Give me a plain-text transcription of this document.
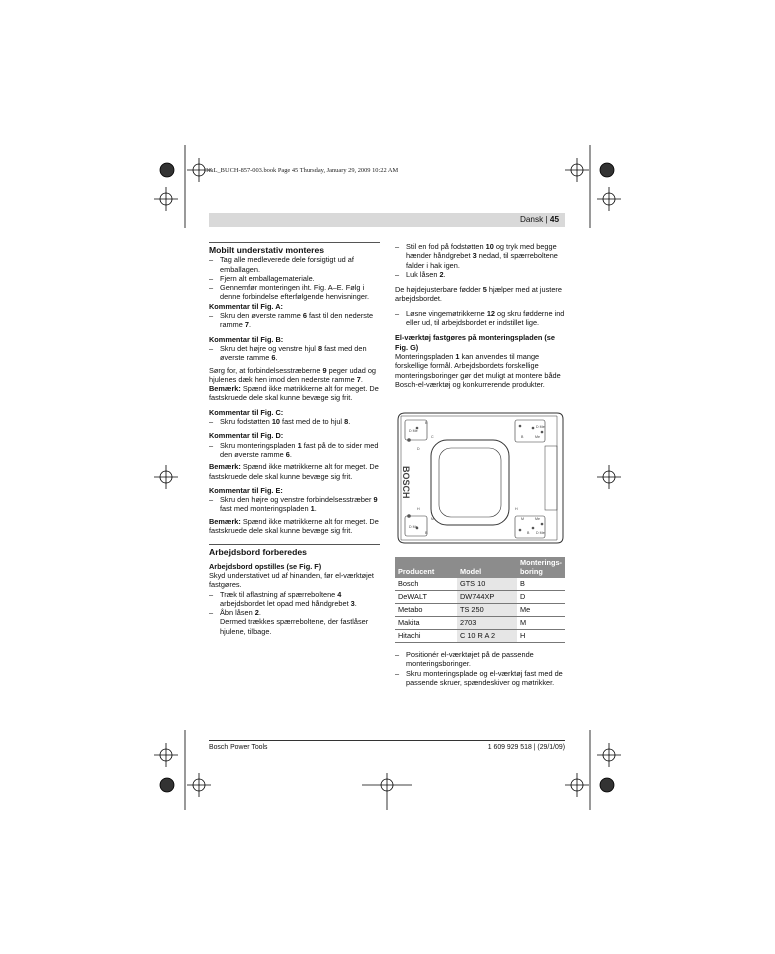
O&L_BUCH-857-003.book Page 45 Thursday, January 29, 2009 10:22 AM
Dansk | 45

Mobilt understativ monteres

– Tag alle medleverede dele forsigtigt ud af emballagen.

– Fjern alt emballagemateriale.

– Gennemfør monteringen iht. Fig. A–E. Følg i denne forbindelse efterfølgende henvisninger.

Kommentar til Fig. A:

– Skru den øverste ramme 6 fast til den nederste ramme 7.

Kommentar til Fig. B:

– Skru det højre og venstre hjul 8 fast med den øverste ramme 6.

Sørg for, at forbindelsesstræberne 9 peger udad og hjulenes dæk hen imod den nederste ramme 7.

Bemærk: Spænd ikke møtrikkerne alt for meget. De fastskruede dele skal kunne bevæge sig frit.

Kommentar til Fig. C:

– Skru fodstøtten 10 fast med de to hjul 8.

Kommentar til Fig. D:

– Skru monteringspladen 1 fast på de to sider med den øverste ramme 6.

Bemærk: Spænd ikke møtrikkerne alt for meget. De fastskruede dele skal kunne bevæge sig frit.

Kommentar til Fig. E:

– Skru den højre og venstre forbindelsesstræber 9 fast med monteringspladen 1.

Bemærk: Spænd ikke møtrikkerne alt for meget. De fastskruede dele skal kunne bevæge sig frit.

Arbejdsbord forberedes

Arbejdsbord opstilles (se Fig. F)

Skyd understativet ud af hinanden, før el-værktøjet fastgøres.

– Træk til aflastning af spærreboltene 4 arbejdsbordet let opad med håndgrebet 3.

– Åbn låsen 2.

Dermed trækkes spærreboltene, der fastlåser hjulene, tilbage.

– Stil en fod på fodstøtten 10 og tryk med begge hænder håndgrebet 3 nedad, til spærreboltene falder i hak igen.

– Luk låsen 2.

De højdejusterbare fødder 5 hjælper med at justere arbejdsbordet.

– Løsne vingemøtrikkerne 12 og skru fødderne ind eller ud, til arbejdsbordet er indstillet lige.

El-værktøj fastgøres på monteringspladen (se Fig. G)

Monteringspladen 1 kan anvendes til mange forskellige formål. Arbejdsbordets forskellige monteringsboringer gør det muligt at montere både Bosch-el-værktøj og konkurrerende produkter.

BOSCH
D Me
B
C
D
B	Me
D Me
D Me
B
M
H
M	Me
B
H
D Me
Producent	Model	Monterings-
boring
Bosch	GTS 10	B
DeWALT	DW744XP	D
Metabo	TS 250	Me
Makita	2703	M
Hitachi	C 10 R A 2	H

– Positionér el-værktøjet på de passende monteringsboringer.

– Skru monteringsplade og el-værktøj fast med de passende skruer, spændeskiver og møtrikker.

Bosch Power Tools	1 609 929 518 | (29/1/09)
